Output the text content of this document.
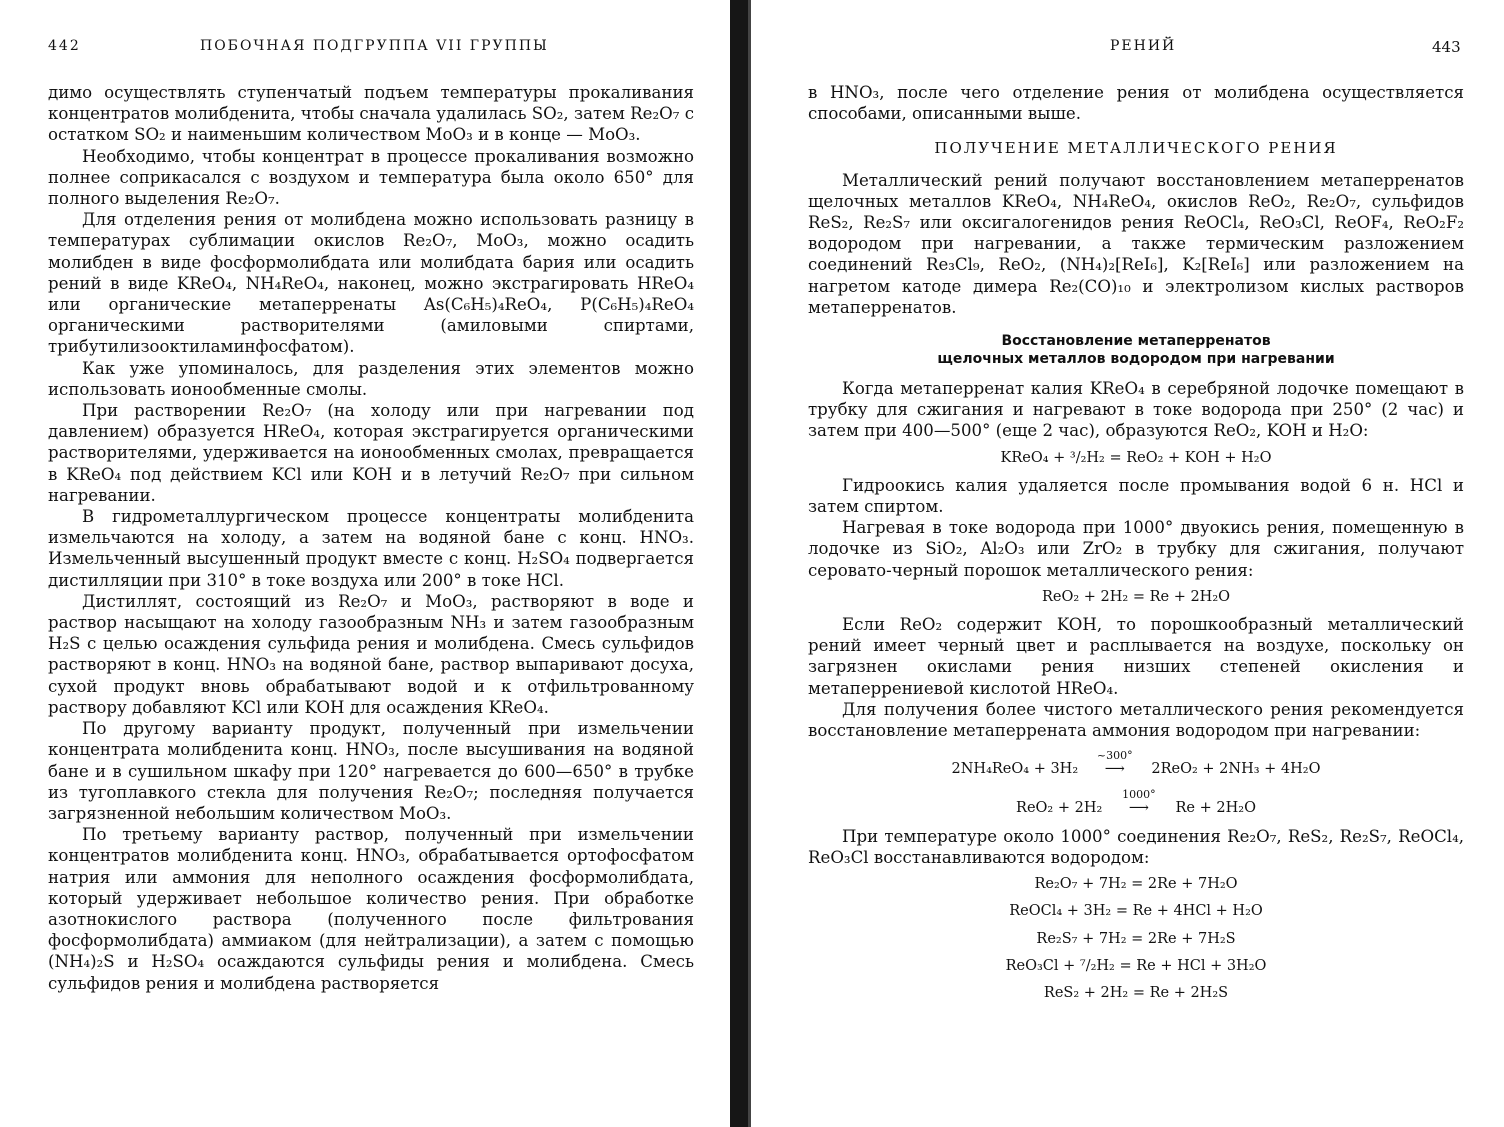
442	ПОБОЧНАЯ ПОДГРУППА VII ГРУППЫ

димо осуществлять ступенчатый подъем температуры прокаливания концентратов молибденита, чтобы сначала удалилась SO₂, затем Re₂O₇ с остатком SO₂ и наименьшим количеством MoO₃ и в конце — MoO₃.

Необходимо, чтобы концентрат в процессе прокаливания возможно полнее соприкасался с воздухом и температура была около 650° для полного выделения Re₂O₇.

Для отделения рения от молибдена можно использовать разницу в температурах сублимации окислов Re₂O₇, MoO₃, можно осадить молибден в виде фосформолибдата или молибдата бария или осадить рений в виде KReO₄, NH₄ReO₄, наконец, можно экстрагировать HReO₄ или органические метаперренаты As(C₆H₅)₄ReO₄, P(C₆H₅)₄ReO₄ органическими растворителями (амиловыми спиртами, трибутилизооктиламинфосфатом).

Как уже упоминалось, для разделения этих элементов можно использовать ионообменные смолы.

При растворении Re₂O₇ (на холоду или при нагревании под давлением) образуется HReO₄, которая экстрагируется органическими растворителями, удерживается на ионообменных смолах, превращается в KReO₄ под действием KCl или KOH и в летучий Re₂O₇ при сильном нагревании.

В гидрометаллургическом процессе концентраты молибденита измельчаются на холоду, а затем на водяной бане с конц. HNO₃. Измельченный высушенный продукт вместе с конц. H₂SO₄ подвергается дистилляции при 310° в токе воздуха или 200° в токе HCl.

Дистиллят, состоящий из Re₂O₇ и MoO₃, растворяют в воде и раствор насыщают на холоду газообразным NH₃ и затем газообразным H₂S с целью осаждения сульфида рения и молибдена. Смесь сульфидов растворяют в конц. HNO₃ на водяной бане, раствор выпаривают досуха, сухой продукт вновь обрабатывают водой и к отфильтрованному раствору добавляют KCl или KOH для осаждения KReO₄.

По другому варианту продукт, полученный при измельчении концентрата молибденита конц. HNO₃, после высушивания на водяной бане и в сушильном шкафу при 120° нагревается до 600—650° в трубке из тугоплавкого стекла для получения Re₂O₇; последняя получается загрязненной небольшим количеством MoO₃.

По третьему варианту раствор, полученный при измельчении концентратов молибденита конц. HNO₃, обрабатывается ортофосфатом натрия или аммония для неполного осаждения фосформолибдата, который удерживает небольшое количество рения. При обработке азотнокислого раствора (полученного после фильтрования фосформолибдата) аммиаком (для нейтрализации), а затем с помощью (NH₄)₂S и H₂SO₄ осаждаются сульфиды рения и молибдена. Смесь сульфидов рения и молибдена растворяется

РЕНИЙ	443

в HNO₃, после чего отделение рения от молибдена осуществляется способами, описанными выше.

ПОЛУЧЕНИЕ МЕТАЛЛИЧЕСКОГО РЕНИЯ

Металлический рений получают восстановлением метаперренатов щелочных металлов KReO₄, NH₄ReO₄, окислов ReO₂, Re₂O₇, сульфидов ReS₂, Re₂S₇ или оксигалогенидов рения ReOCl₄, ReO₃Cl, ReOF₄, ReO₂F₂ водородом при нагревании, а также термическим разложением соединений Re₃Cl₉, ReO₂, (NH₄)₂[ReI₆], K₂[ReI₆] или разложением на нагретом катоде димера Re₂(CO)₁₀ и электролизом кислых растворов метаперренатов.

Восстановление метаперренатов
щелочных металлов водородом при нагревании

Когда метаперренат калия KReO₄ в серебряной лодочке помещают в трубку для сжигания и нагревают в токе водорода при 250° (2 час) и затем при 400—500° (еще 2 час), образуются ReO₂, KOH и H₂O:

KReO₄ + ³/₂H₂ = ReO₂ + KOH + H₂O

Гидроокись калия удаляется после промывания водой 6 н. HCl и затем спиртом.

Нагревая в токе водорода при 1000° двуокись рения, помещенную в лодочке из SiO₂, Al₂O₃ или ZrO₂ в трубку для сжигания, получают серовато-черный порошок металлического рения:

ReO₂ + 2H₂ = Re + 2H₂O

Если ReO₂ содержит KOH, то порошкообразный металлический рений имеет черный цвет и расплывается на воздухе, поскольку он загрязнен окислами рения низших степеней окисления и метаперрениевой кислотой HReO₄.

Для получения более чистого металлического рения рекомендуется восстановление метаперрената аммония водородом при нагревании:

2NH₄ReO₄ + 3H₂
~300°
⟶ 2ReO₂ + 2NH₃ + 4H₂O
ReO₂ + 2H₂
1000°
⟶ Re + 2H₂O

При температуре около 1000° соединения Re₂O₇, ReS₂, Re₂S₇, ReOCl₄, ReO₃Cl восстанавливаются водородом:

Re₂O₇ + 7H₂ = 2Re + 7H₂O
ReOCl₄ + 3H₂ = Re + 4HCl + H₂O
Re₂S₇ + 7H₂ = 2Re + 7H₂S
ReO₃Cl + ⁷/₂H₂ = Re + HCl + 3H₂O
ReS₂ + 2H₂ = Re + 2H₂S
